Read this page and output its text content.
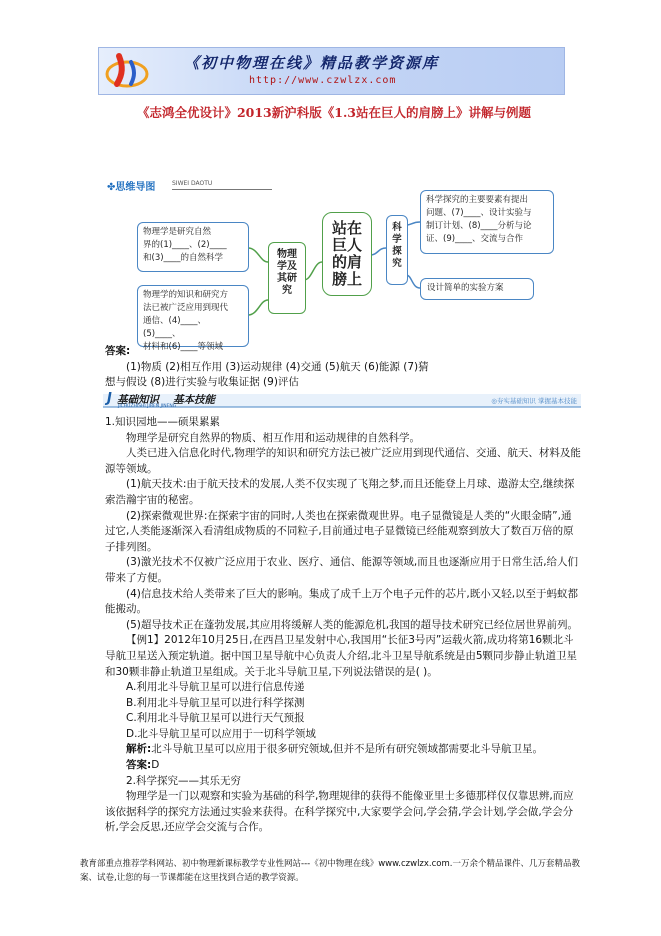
《初中物理在线》精品教学资源库
http://www.czwlzx.com
《志鸿全优设计》2013新沪科版《1.3站在巨人的肩膀上》讲解与例题
✤思维导图	SIWEI DAOTU
物理学是研究自然
界的(1)____、(2)____
和(3)____的自然科学
物理学的知识和研究方
法已被广泛应用到现代
通信、(4)____、(5)____、
材料和(6)____等领域
物理学及其研究
站在巨人的肩膀上
科学探究
科学探究的主要要素有提出
问题、(7)____、设计实验与
制订计划、(8)____分析与论
证、(9)____、交流与合作
设计简单的实验方案
答案:
(1)物质 (2)相互作用 (3)运动规律 (4)交通 (5)航天 (6)能源 (7)猜
想与假设 (8)进行实验与收集证据 (9)评估
J 基础知识 基本技能
JICHUZHISHI JIBEN JINENG
◎夯实基础知识 掌握基本技能
1.知识园地——硕果累累
物理学是研究自然界的物质、相互作用和运动规律的自然科学。
人类已进入信息化时代,物理学的知识和研究方法已被广泛应用到现代通信、交通、航天、材料及能源等领域。
(1)航天技术:由于航天技术的发展,人类不仅实现了飞翔之梦,而且还能登上月球、遨游太空,继续探索浩瀚宇宙的秘密。
(2)探索微观世界:在探索宇宙的同时,人类也在探索微观世界。电子显微镜是人类的“火眼金睛”,通过它,人类能逐渐深入看清组成物质的不同粒子,目前通过电子显微镜已经能观察到放大了数百万倍的原子排列图。
(3)激光技术不仅被广泛应用于农业、医疗、通信、能源等领域,而且也逐渐应用于日常生活,给人们带来了方便。
(4)信息技术给人类带来了巨大的影响。集成了成千上万个电子元件的芯片,既小又轻,以至于蚂蚁都能搬动。
(5)超导技术正在蓬勃发展,其应用将缓解人类的能源危机,我国的超导技术研究已经位居世界前列。
【例1】2012年10月25日,在西昌卫星发射中心,我国用“长征3号丙”运载火箭,成功将第16颗北斗导航卫星送入预定轨道。据中国卫星导航中心负责人介绍,北斗卫星导航系统是由5颗同步静止轨道卫星和30颗非静止轨道卫星组成。关于北斗导航卫星,下列说法错误的是( )。
A.利用北斗导航卫星可以进行信息传递
B.利用北斗导航卫星可以进行科学探测
C.利用北斗导航卫星可以进行天气预报
D.北斗导航卫星可以应用于一切科学领域
解析:北斗导航卫星可以应用于很多研究领域,但并不是所有研究领域都需要北斗导航卫星。
答案:D
2.科学探究——其乐无穷
物理学是一门以观察和实验为基础的科学,物理规律的获得不能像亚里士多德那样仅仅靠思辨,而应该依据科学的探究方法通过实验来获得。在科学探究中,大家要学会问,学会猜,学会计划,学会做,学会分析,学会反思,还应学会交流与合作。
教育部重点推荐学科网站、初中物理新课标教学专业性网站---《初中物理在线》www.czwlzx.com.一万余个精品课件、几万套精品教案、试卷,让您的每一节课都能在这里找到合适的教学资源。
